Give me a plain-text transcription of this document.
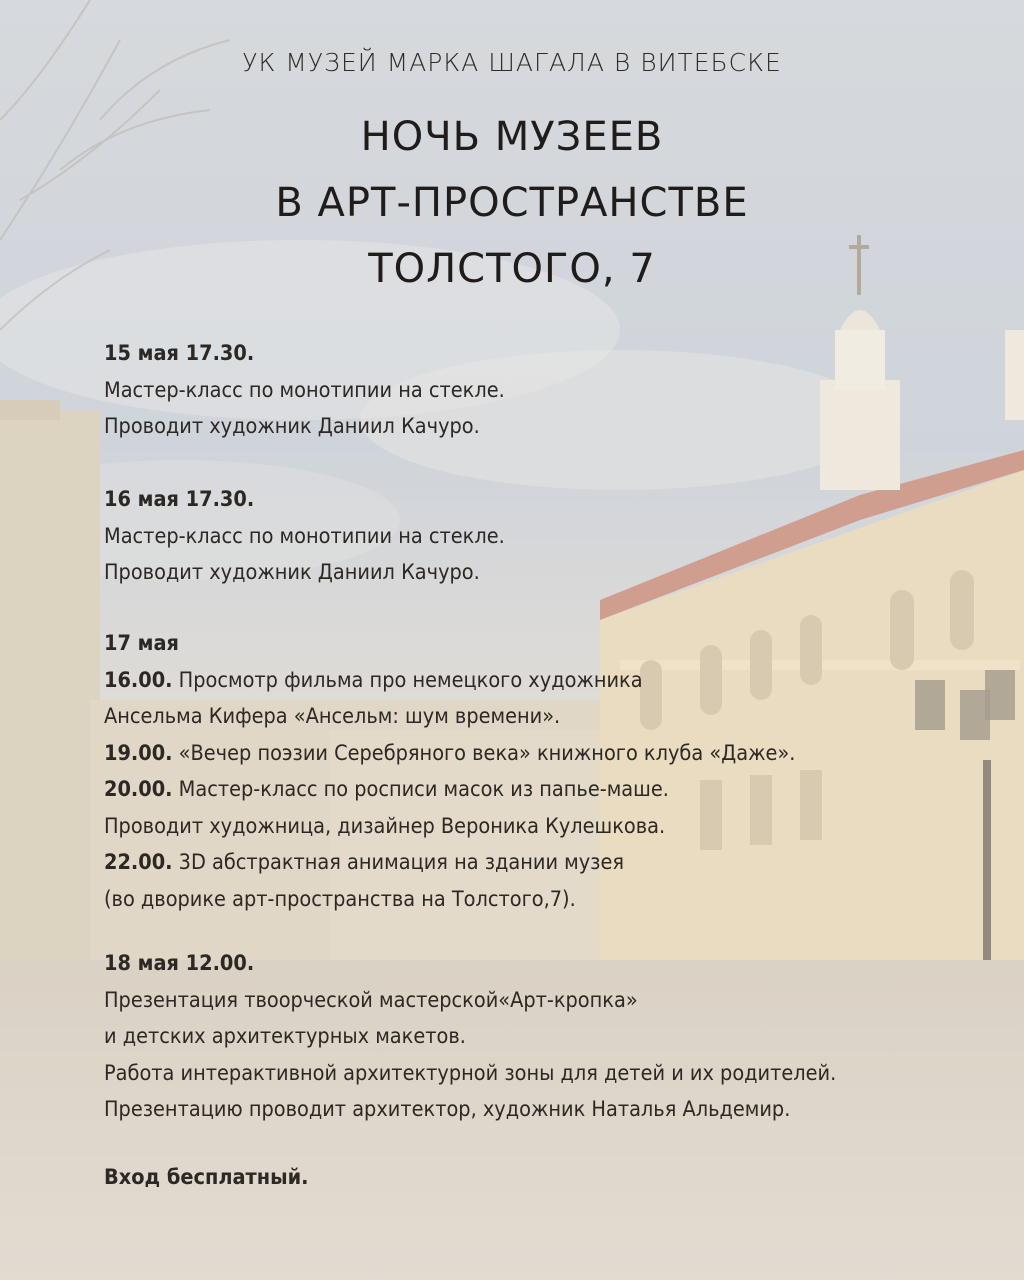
УК МУЗЕЙ МАРКА ШАГАЛА В ВИТЕБСКЕ
НОЧЬ МУЗЕЕВ
В АРТ-ПРОСТРАНСТВЕ
ТОЛСТОГО, 7

15 мая 17.30.

Мастер-класс по монотипии на стекле.

Проводит художник Даниил Качуро.

16 мая 17.30.

Мастер-класс по монотипии на стекле.

Проводит художник Даниил Качуро.

17 мая

16.00. Просмотр фильма про немецкого художника

Ансельма Кифера «Ансельм: шум времени».

19.00. «Вечер поэзии Серебряного века» книжного клуба «Даже».

20.00. Мастер-класс по росписи масок из папье-маше.

Проводит художница, дизайнер Вероника Кулешкова.

22.00. 3D абстрактная анимация на здании музея

(во дворике арт-пространства на Толстого,7).

18 мая 12.00.

Презентация твоорческой мастерской«Арт-кропка»

и детских архитектурных макетов.

Работа интерактивной архитектурной зоны для детей и их родителей.

Презентацию проводит архитектор, художник Наталья Альдемир.

Вход бесплатный.
